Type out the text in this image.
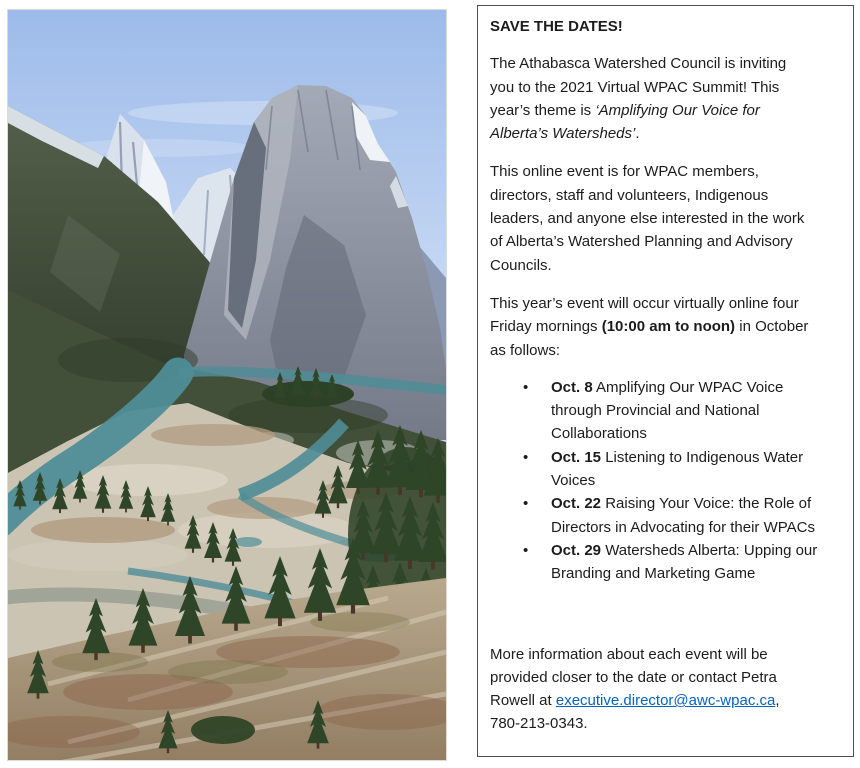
SAVE THE DATES!

The Athabasca Watershed Council is inviting
you to the 2021 Virtual WPAC Summit! This
year’s theme is ‘Amplifying Our Voice for
Alberta’s Watersheds’.

This online event is for WPAC members,
directors, staff and volunteers, Indigenous
leaders, and anyone else interested in the work
of Alberta’s Watershed Planning and Advisory
Councils.

This year’s event will occur virtually online four
Friday mornings (10:00 am to noon) in October
as follows:

• Oct. 8 Amplifying Our WPAC Voice
through Provincial and National
Collaborations
• Oct. 15 Listening to Indigenous Water
Voices
• Oct. 22 Raising Your Voice: the Role of
Directors in Advocating for their WPACs
• Oct. 29 Watersheds Alberta: Upping our
Branding and Marketing Game

More information about each event will be
provided closer to the date or contact Petra
Rowell at executive.director@awc-wpac.ca,
780-213-0343.
